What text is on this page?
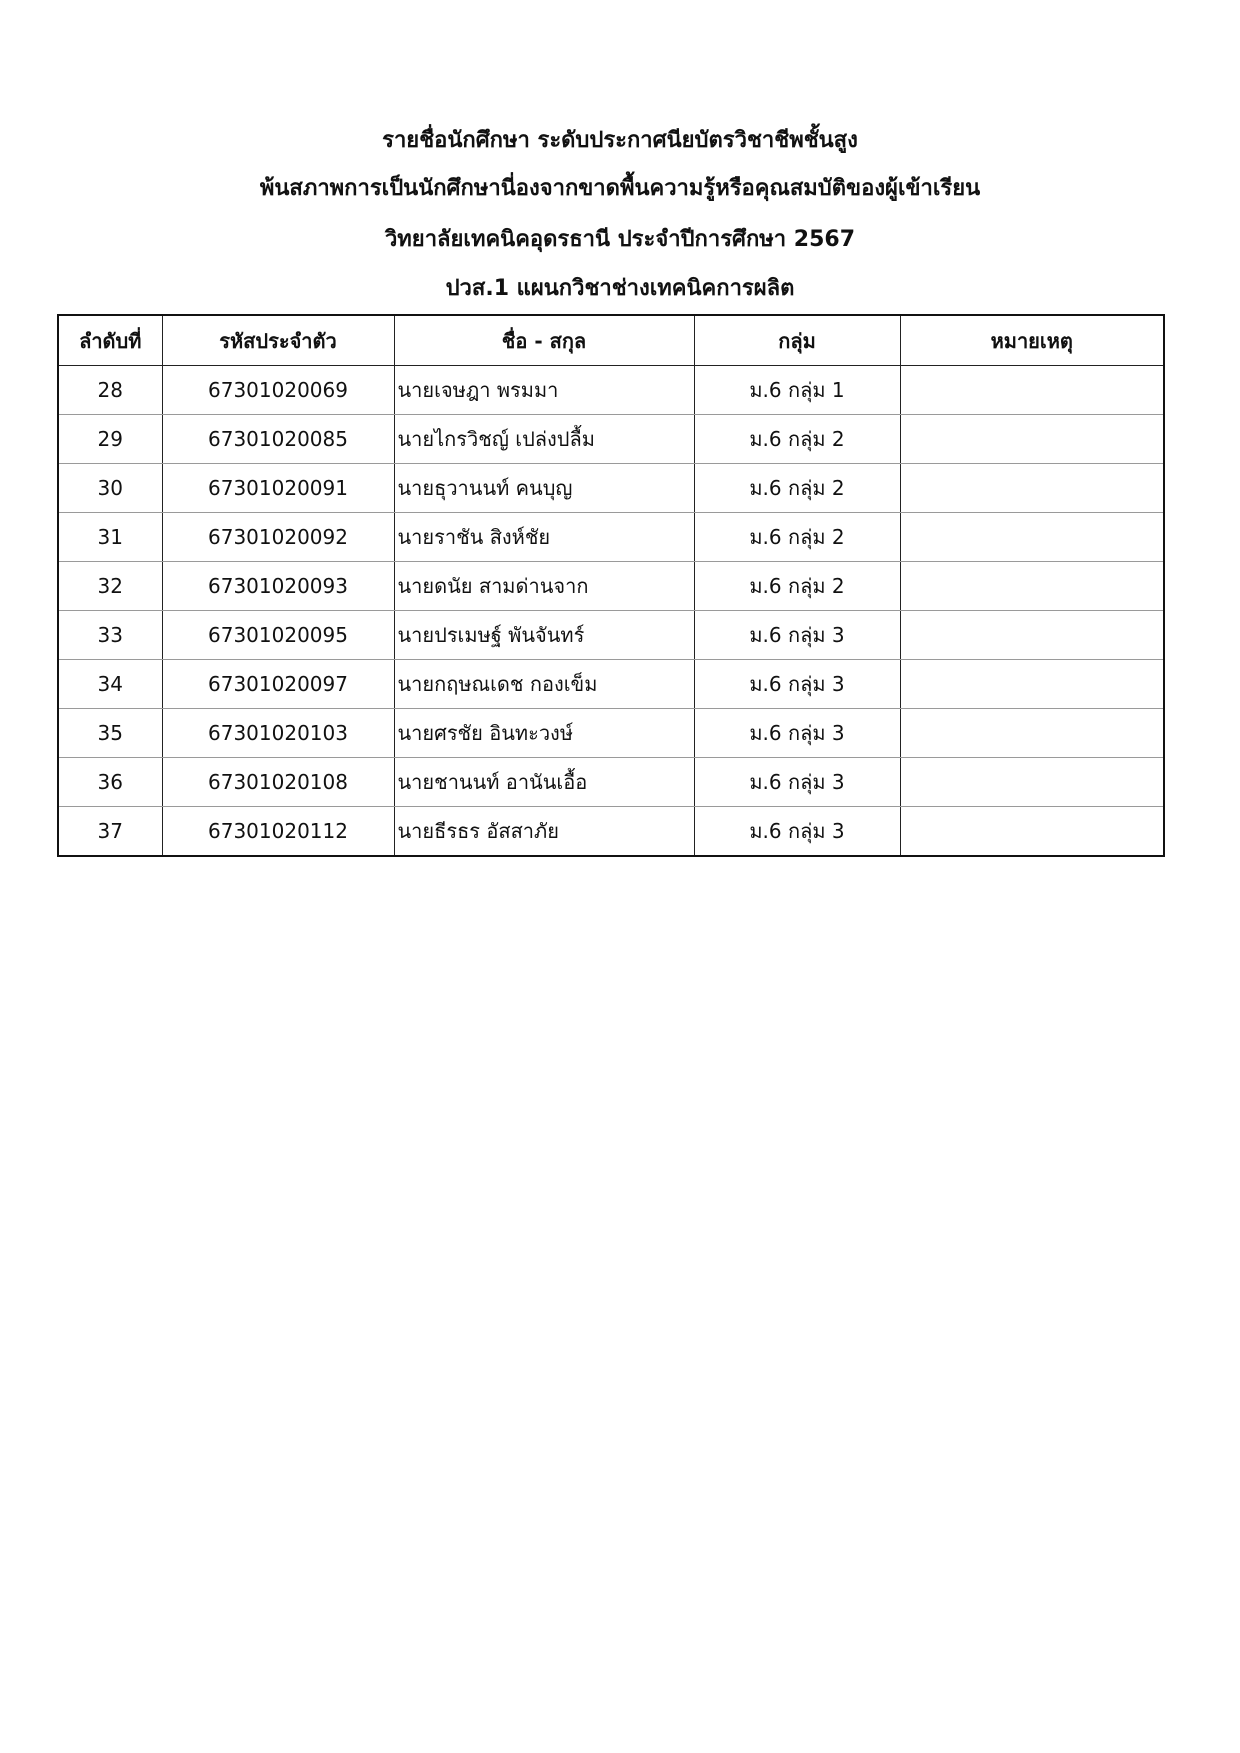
รายชื่อนักศึกษา ระดับประกาศนียบัตรวิชาชีพชั้นสูง
พ้นสภาพการเป็นนักศึกษานี่องจากขาดพื้นความรู้หรือคุณสมบัติของผู้เข้าเรียน
วิทยาลัยเทคนิคอุดรธานี ประจำปีการศึกษา 2567
ปวส.1 แผนกวิชาช่างเทคนิคการผลิต
ลำดับที่	รหัสประจำตัว	ชื่อ - สกุล	กลุ่ม	หมายเหตุ
28	67301020069	นายเจษฎา พรมมา	ม.6 กลุ่ม 1	
29	67301020085	นายไกรวิชญ์ เปล่งปลื้ม	ม.6 กลุ่ม 2	
30	67301020091	นายธุวานนท์ คนบุญ	ม.6 กลุ่ม 2	
31	67301020092	นายราชัน สิงห์ชัย	ม.6 กลุ่ม 2	
32	67301020093	นายดนัย สามด่านจาก	ม.6 กลุ่ม 2	
33	67301020095	นายปรเมษฐ์ พันจันทร์	ม.6 กลุ่ม 3	
34	67301020097	นายกฤษณเดช กองเข็ม	ม.6 กลุ่ม 3	
35	67301020103	นายศรชัย อินทะวงษ์	ม.6 กลุ่ม 3	
36	67301020108	นายชานนท์ อานันเอื้อ	ม.6 กลุ่ม 3	
37	67301020112	นายธีรธร อัสสาภัย	ม.6 กลุ่ม 3	
